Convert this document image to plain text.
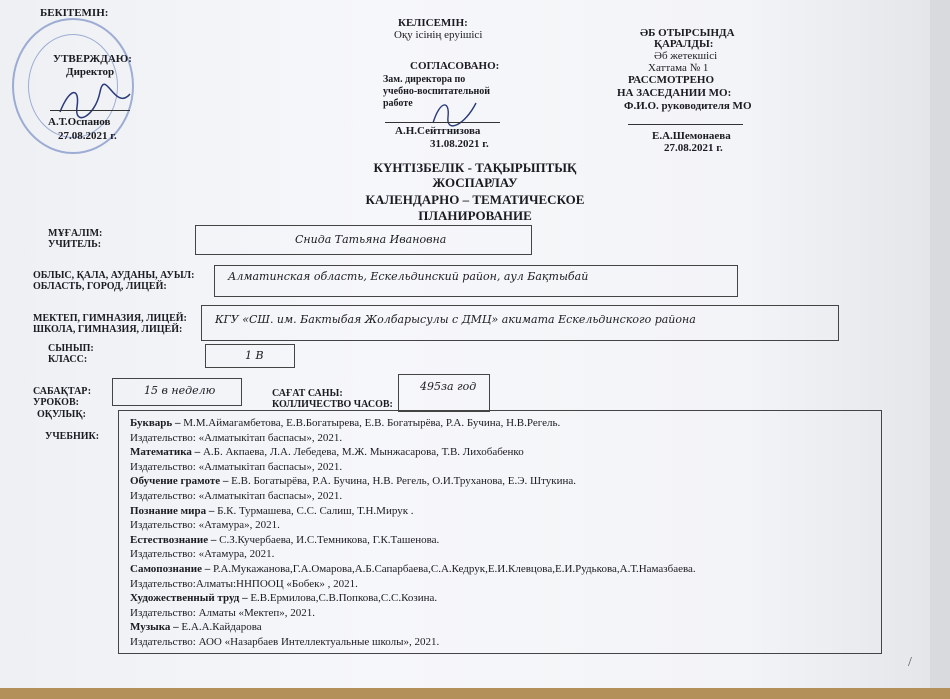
БЕКІТЕМІН:
УТВЕРЖДАЮ:
Директор
А.Т.Оспанов
27.08.2021 г.
КЕЛІСЕМІН:
Оқу ісінің еруішісі
СОГЛАСОВАНО:
Зам. директора по
учебно-воспитательной
работе
А.Н.Сейтгнизова
31.08.2021 г.
ӘБ ОТЫРСЫНДА
ҚАРАЛДЫ:
Әб жетекшісі
Хаттама № 1
РАССМОТРЕНО
НА ЗАСЕДАНИИ МО:
Ф.И.О. руководителя МО
Е.А.Шемонаева
27.08.2021 г.
КҮНТІЗБЕЛІК - ТАҚЫРЫПТЫҚ
ЖОСПАРЛАУ
КАЛЕНДАРНО – ТЕМАТИЧЕСКОЕ
ПЛАНИРОВАНИЕ
МҰҒАЛІМ:
УЧИТЕЛЬ:	Снида Татьяна Ивановна
ОБЛЫС, ҚАЛА, АУДАНЫ, АУЫЛ:
ОБЛАСТЬ, ГОРОД, ЛИЦЕЙ:
Алматинская область, Ескельдинский район, аул Бақтыбай
МЕКТЕП, ГИМНАЗИЯ, ЛИЦЕЙ:
ШКОЛА, ГИМНАЗИЯ, ЛИЦЕЙ:
КГУ «СШ. им. Бактыбая Жолбарысулы с ДМЦ» акимата Ескельдинского района
СЫНЫП:
КЛАСС:	1 В
САБАҚТАР:
УРОКОВ:
15 в неделю	САҒАТ САНЫ:
КОЛЛИЧЕСТВО ЧАСОВ:
495за год
ОҚУЛЫҚ:
УЧЕБНИК:
Букварь – М.М.Аймагамбетова, Е.В.Богатырева, Е.В. Богатырёва, Р.А. Бучина, Н.В.Регель.
Издательство: «Алматыкітап баспасы», 2021.
Математика – А.Б. Акпаева, Л.А. Лебедева, М.Ж. Мынжасарова, Т.В. Лихобабенко
Издательство: «Алматыкітап баспасы», 2021.
Обучение грамоте – Е.В. Богатырёва, Р.А. Бучина, Н.В. Регель, О.И.Труханова, Е.Э. Штукина.
Издательство: «Алматыкітап баспасы», 2021.
Познание мира – Б.К. Турмашева, С.С. Салиш, Т.Н.Мирук .
Издательство: «Атамура», 2021.
Естествознание – С.З.Кучербаева, И.С.Темникова, Г.К.Ташенова.
Издательство: «Атамура, 2021.
Самопознание – Р.А.Мукажанова,Г.А.Омарова,А.Б.Сапарбаева,С.А.Кедрук,Е.И.Клевцова,Е.И.Рудькова,А.Т.Намазбаева.
Издательство:Алматы:ННПООЦ «Бобек» , 2021.
Художественный труд – Е.В.Ермилова,С.В.Попкова,С.С.Козина.
Издательство: Алматы «Мектеп», 2021.
Музыка – Е.А.А.Кайдарова
Издательство: АОО «Назарбаев Интеллектуальные школы», 2021.
/
